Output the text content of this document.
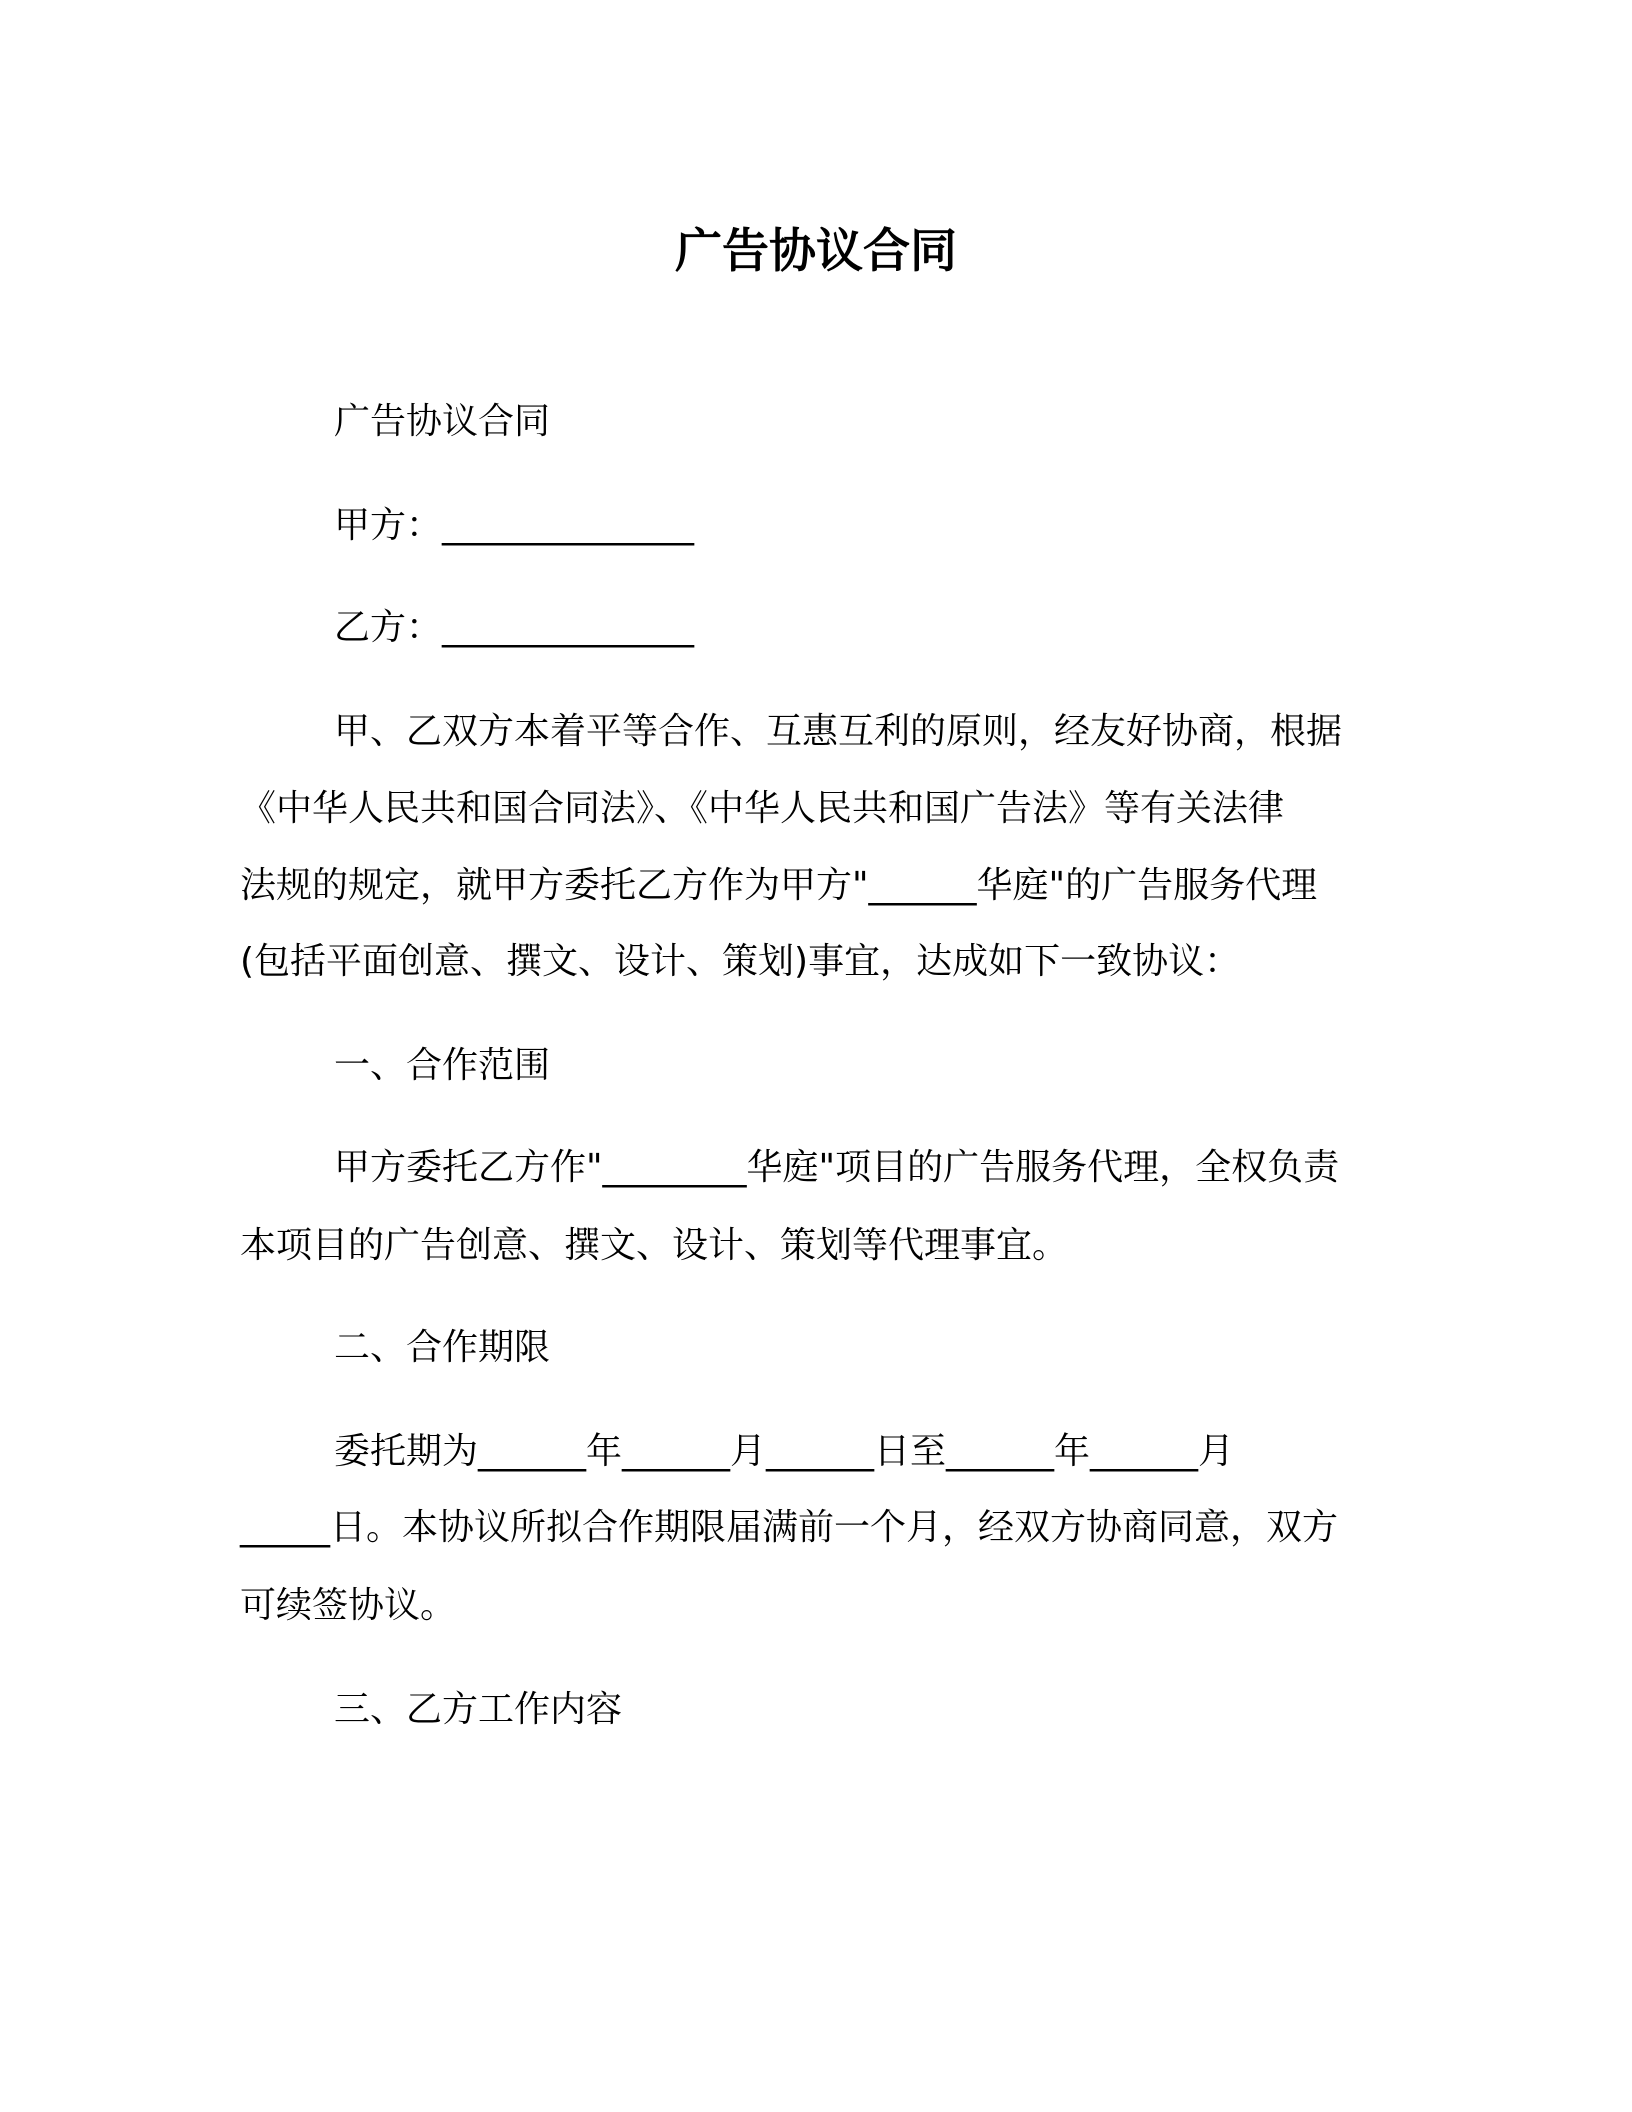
广告协议合同
广告协议合同
甲方：______________
乙方：______________
甲、乙双方本着平等合作、互惠互利的原则，经友好协商，根据
《中华人民共和国合同法》、《中华人民共和国广告法》等有关法律
法规的规定，就甲方委托乙方作为甲方"______华庭"的广告服务代理
(包括平面创意、撰文、设计、策划)事宜，达成如下一致协议：
一、合作范围
甲方委托乙方作"________华庭"项目的广告服务代理，全权负责
本项目的广告创意、撰文、设计、策划等代理事宜。
二、合作期限
委托期为______年______月______日至______年______月
_____日。本协议所拟合作期限届满前一个月，经双方协商同意，双方
可续签协议。
三、乙方工作内容
